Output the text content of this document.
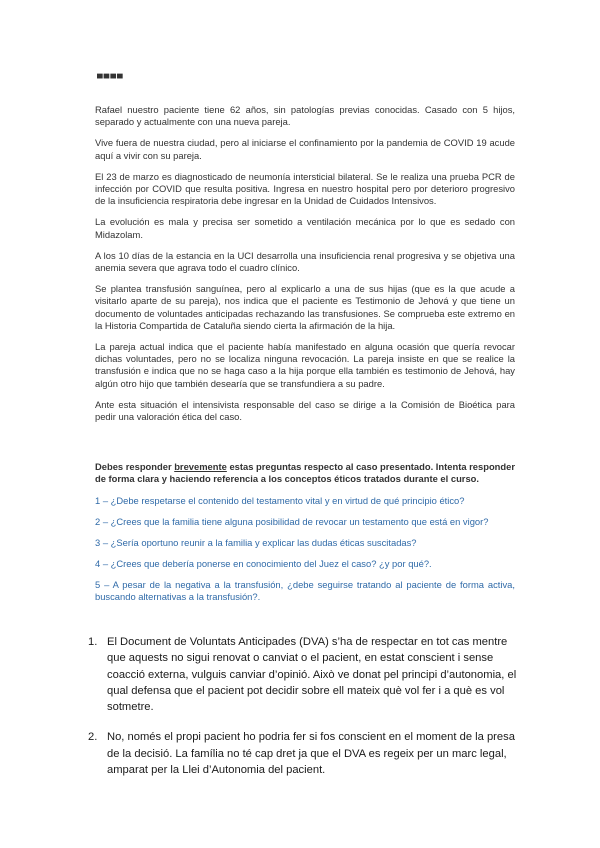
▄▄▄▄

Rafael nuestro paciente tiene 62 años, sin patologías previas conocidas. Casado con 5 hijos, separado y actualmente con una nueva pareja.

Vive fuera de nuestra ciudad, pero al iniciarse el confinamiento por la pandemia de COVID 19 acude aquí a vivir con su pareja.

El 23 de marzo es diagnosticado de neumonía intersticial bilateral. Se le realiza una prueba PCR de infección por COVID que resulta positiva. Ingresa en nuestro hospital pero por deterioro progresivo de la insuficiencia respiratoria debe ingresar en la Unidad de Cuidados Intensivos.

La evolución es mala y precisa ser sometido a ventilación mecánica por lo que es sedado con Midazolam.

A los 10 días de la estancia en la UCI desarrolla una insuficiencia renal progresiva y se objetiva una anemia severa que agrava todo el cuadro clínico.

Se plantea transfusión sanguínea, pero al explicarlo a una de sus hijas (que es la que acude a visitarlo aparte de su pareja), nos indica que el paciente es Testimonio de Jehová y que tiene un documento de voluntades anticipadas rechazando las transfusiones. Se comprueba este extremo en la Historia Compartida de Cataluña siendo cierta la afirmación de la hija.

La pareja actual indica que el paciente había manifestado en alguna ocasión que quería revocar dichas voluntades, pero no se localiza ninguna revocación. La pareja insiste en que se realice la transfusión e indica que no se haga caso a la hija porque ella también es testimonio de Jehová, hay algún otro hijo que también desearía que se transfundiera a su padre.

Ante esta situación el intensivista responsable del caso se dirige a la Comisión de Bioética para pedir una valoración ética del caso.

Debes responder brevemente estas preguntas respecto al caso presentado. Intenta responder de forma clara y haciendo referencia a los conceptos éticos tratados durante el curso.

1 – ¿Debe respetarse el contenido del testamento vital y en virtud de qué principio ético?

2 – ¿Crees que la familia tiene alguna posibilidad de revocar un testamento que está en vigor?

3 – ¿Sería oportuno reunir a la familia y explicar las dudas éticas suscitadas?

4 – ¿Crees que debería ponerse en conocimiento del Juez el caso? ¿y por qué?.

5 – A pesar de la negativa a la transfusión, ¿debe seguirse tratando al paciente de forma activa, buscando alternativas a la transfusión?.

1. El Document de Voluntats Anticipades (DVA) s’ha de respectar en tot cas mentre que aquests no sigui renovat o canviat o el pacient, en estat conscient i sense coacció externa, vulguis canviar d’opinió. Això ve donat pel principi d’autonomia, el qual defensa que el pacient pot decidir sobre ell mateix què vol fer i a què es vol sotmetre.
2. No, només el propi pacient ho podria fer si fos conscient en el moment de la presa de la decisió. La família no té cap dret ja que el DVA es regeix per un marc legal, amparat per la Llei d’Autonomia del pacient.
